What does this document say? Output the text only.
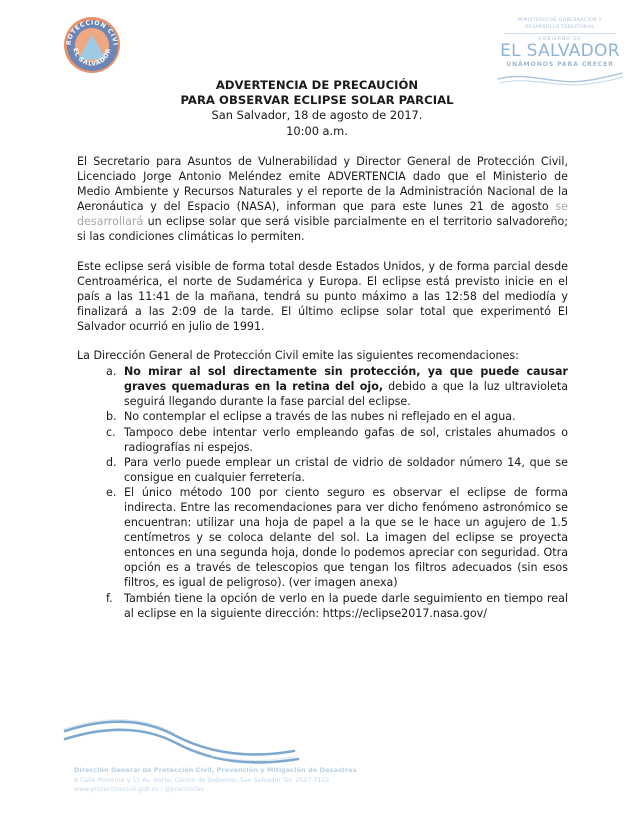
PROTECCION CIVIL
EL SALVADOR
MINISTERIO DE GOBERNACIÓN Y DESARROLLO TERRITORIAL
GOBIERNO DE
EL SALVADOR
UNÁMONOS PARA CRECER
ADVERTENCIA DE PRECAUCIÓN
PARA OBSERVAR ECLIPSE SOLAR PARCIAL
San Salvador, 18 de agosto de 2017.
10:00 a.m.

El Secretario para Asuntos de Vulnerabilidad y Director General de Protección Civil, Licenciado Jorge Antonio Meléndez emite ADVERTENCIA dado que el Ministerio de Medio Ambiente y Recursos Naturales y el reporte de la Administración Nacional de la Aeronáutica y del Espacio (NASA), informan que para este lunes 21 de agosto se desarrollará un eclipse solar que será visible parcialmente en el territorio salvadoreño; si las condiciones climáticas lo permiten.

Este eclipse será visible de forma total desde Estados Unidos, y de forma parcial desde Centroamérica, el norte de Sudamérica y Europa. El eclipse está previsto inicie en el país a las 11:41 de la mañana, tendrá su punto máximo a las 12:58 del mediodía y finalizará a las 2:09 de la tarde. El último eclipse solar total que experimentó El Salvador ocurrió en julio de 1991.

La Dirección General de Protección Civil emite las siguientes recomendaciones:

No mirar al sol directamente sin protección, ya que puede causar graves quemaduras en la retina del ojo, debido a que la luz ultravioleta seguirá llegando durante la fase parcial del eclipse.
No contemplar el eclipse a través de las nubes ni reflejado en el agua.
Tampoco debe intentar verlo empleando gafas de sol, cristales ahumados o radiografías ni espejos.
Para verlo puede emplear un cristal de vidrio de soldador número 14, que se consigue en cualquier ferretería.
El único método 100 por ciento seguro es observar el eclipse de forma indirecta. Entre las recomendaciones para ver dicho fenómeno astronómico se encuentran: utilizar una hoja de papel a la que se le hace un agujero de 1.5 centímetros y se coloca delante del sol. La imagen del eclipse se proyecta entonces en una segunda hoja, donde lo podemos apreciar con seguridad. Otra opción es a través de telescopios que tengan los filtros adecuados (sin esos filtros, es igual de peligroso). (ver imagen anexa)
También tiene la opción de verlo en la puede darle seguimiento en tiempo real al eclipse en la siguiente dirección: https://eclipse2017.nasa.gov/
Dirección General de Protección Civil, Prevención y Mitigación de Desastres
9 Calle Poniente y 15 Av. Norte, Centro de Gobierno, San Salvador Tel. 2527-7122
www.proteccioncivil.gob.sv / @proccivilsv
